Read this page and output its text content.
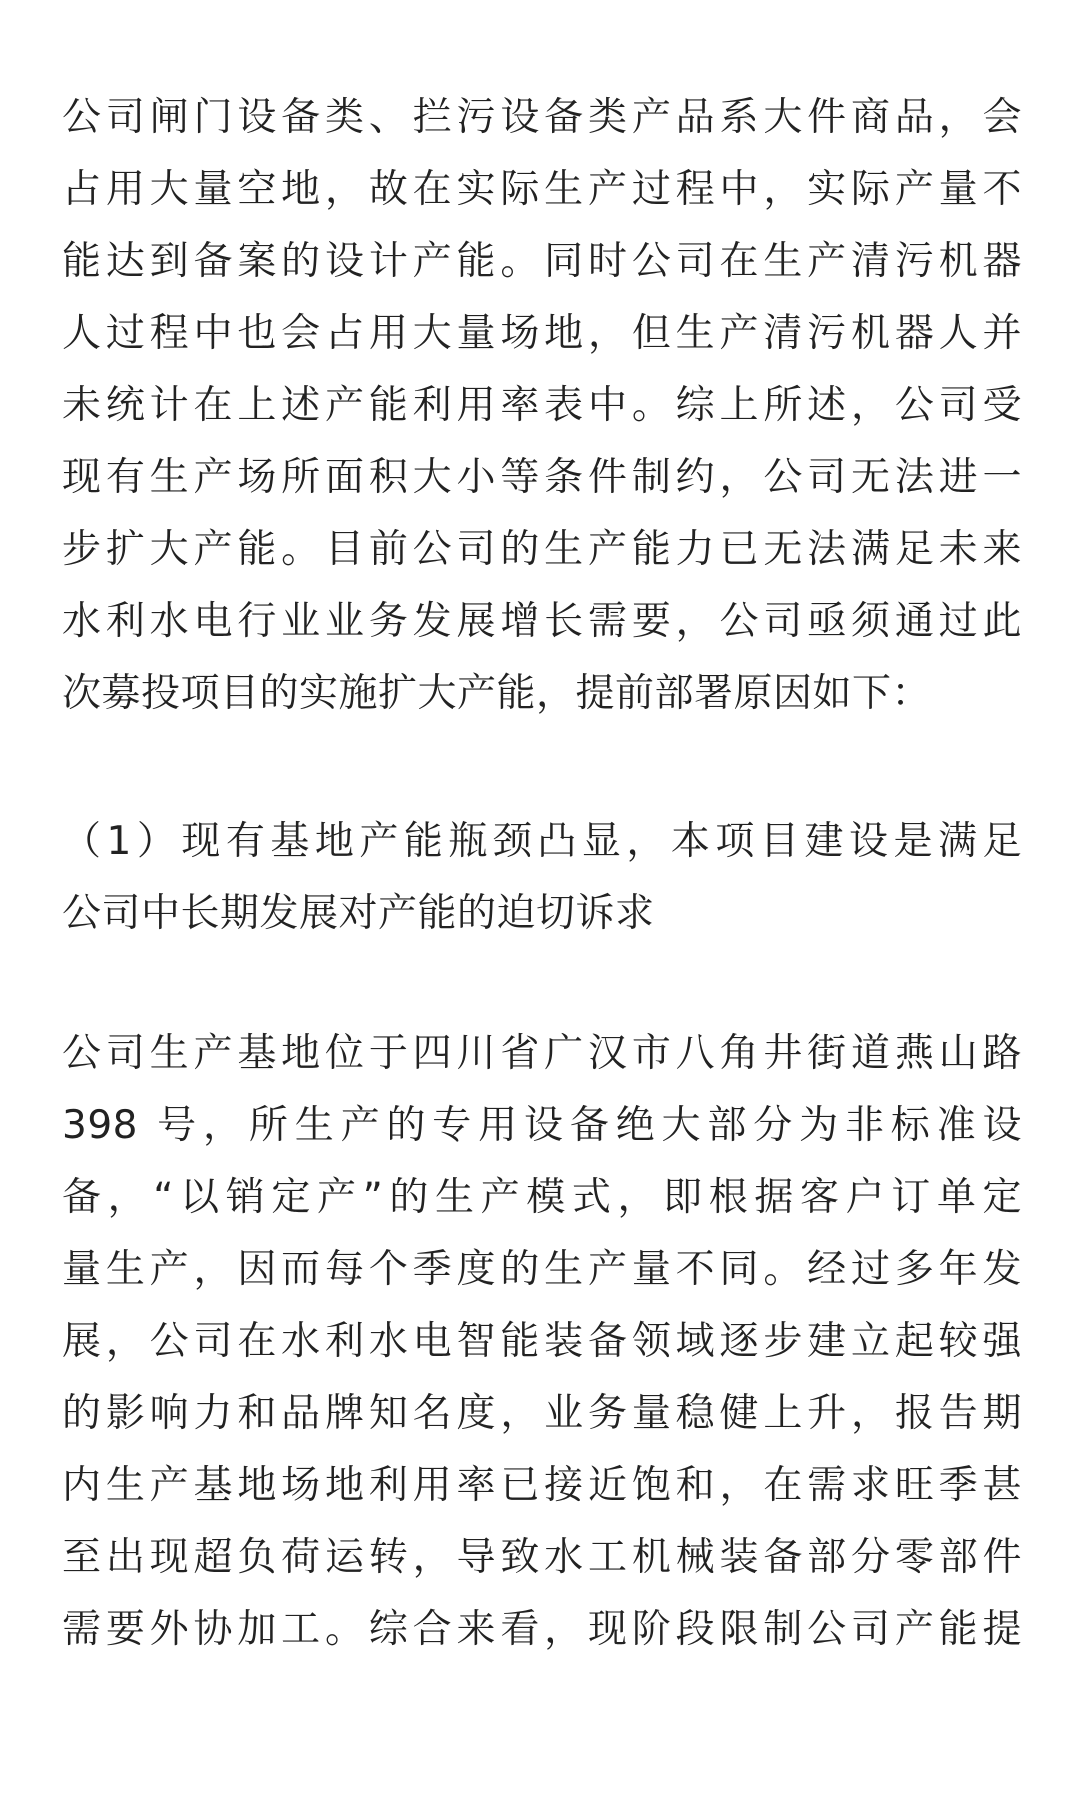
公司闸门设备类、拦污设备类产品系大件商品，会
占用大量空地，故在实际生产过程中，实际产量不
能达到备案的设计产能。同时公司在生产清污机器
人过程中也会占用大量场地，但生产清污机器人并
未统计在上述产能利用率表中。综上所述，公司受
现有生产场所面积大小等条件制约，公司无法进一
步扩大产能。目前公司的生产能力已无法满足未来
水利水电行业业务发展增长需要，公司亟须通过此
次募投项目的实施扩大产能，提前部署原因如下：
（1）现有基地产能瓶颈凸显，本项目建设是满足
公司中长期发展对产能的迫切诉求
公司生产基地位于四川省广汉市八角井街道燕山路
398 号，所生产的专用设备绝大部分为非标准设
备，“以销定产”的生产模式，即根据客户订单定
量生产，因而每个季度的生产量不同。经过多年发
展，公司在水利水电智能装备领域逐步建立起较强
的影响力和品牌知名度，业务量稳健上升，报告期
内生产基地场地利用率已接近饱和，在需求旺季甚
至出现超负荷运转，导致水工机械装备部分零部件
需要外协加工。综合来看，现阶段限制公司产能提
